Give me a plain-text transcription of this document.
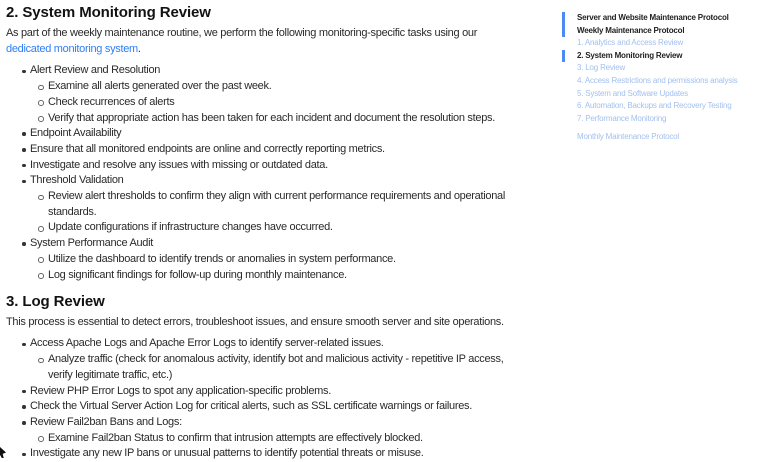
2. System Monitoring Review
As part of the weekly maintenance routine, we perform the following monitoring-specific tasks using our
dedicated monitoring system.
Alert Review and Resolution
Examine all alerts generated over the past week.
Check recurrences of alerts
Verify that appropriate action has been taken for each incident and document the resolution steps.
Endpoint Availability
Ensure that all monitored endpoints are online and correctly reporting metrics.
Investigate and resolve any issues with missing or outdated data.
Threshold Validation
Review alert thresholds to confirm they align with current performance requirements and operational
standards.
Update configurations if infrastructure changes have occurred.
System Performance Audit
Utilize the dashboard to identify trends or anomalies in system performance.
Log significant findings for follow-up during monthly maintenance.
3. Log Review
This process is essential to detect errors, troubleshoot issues, and ensure smooth server and site operations.
Access Apache Logs and Apache Error Logs to identify server-related issues.
Analyze traffic (check for anomalous activity, identify bot and malicious activity - repetitive IP access,
verify legitimate traffic, etc.)
Review PHP Error Logs to spot any application-specific problems.
Check the Virtual Server Action Log for critical alerts, such as SSL certificate warnings or failures.
Review Fail2ban Bans and Logs:
Examine Fail2ban Status to confirm that intrusion attempts are effectively blocked.
Investigate any new IP bans or unusual patterns to identify potential threats or misuse.
Server and Website Maintenance Protocol
Weekly Maintenance Protocol
1. Analytics and Access Review
2. System Monitoring Review
3. Log Review
4. Access Restrictions and permissions analysis
5. System and Software Updates
6. Automation, Backups and Recovery Testing
7. Performance Monitoring
Monthly Maintenance Protocol
